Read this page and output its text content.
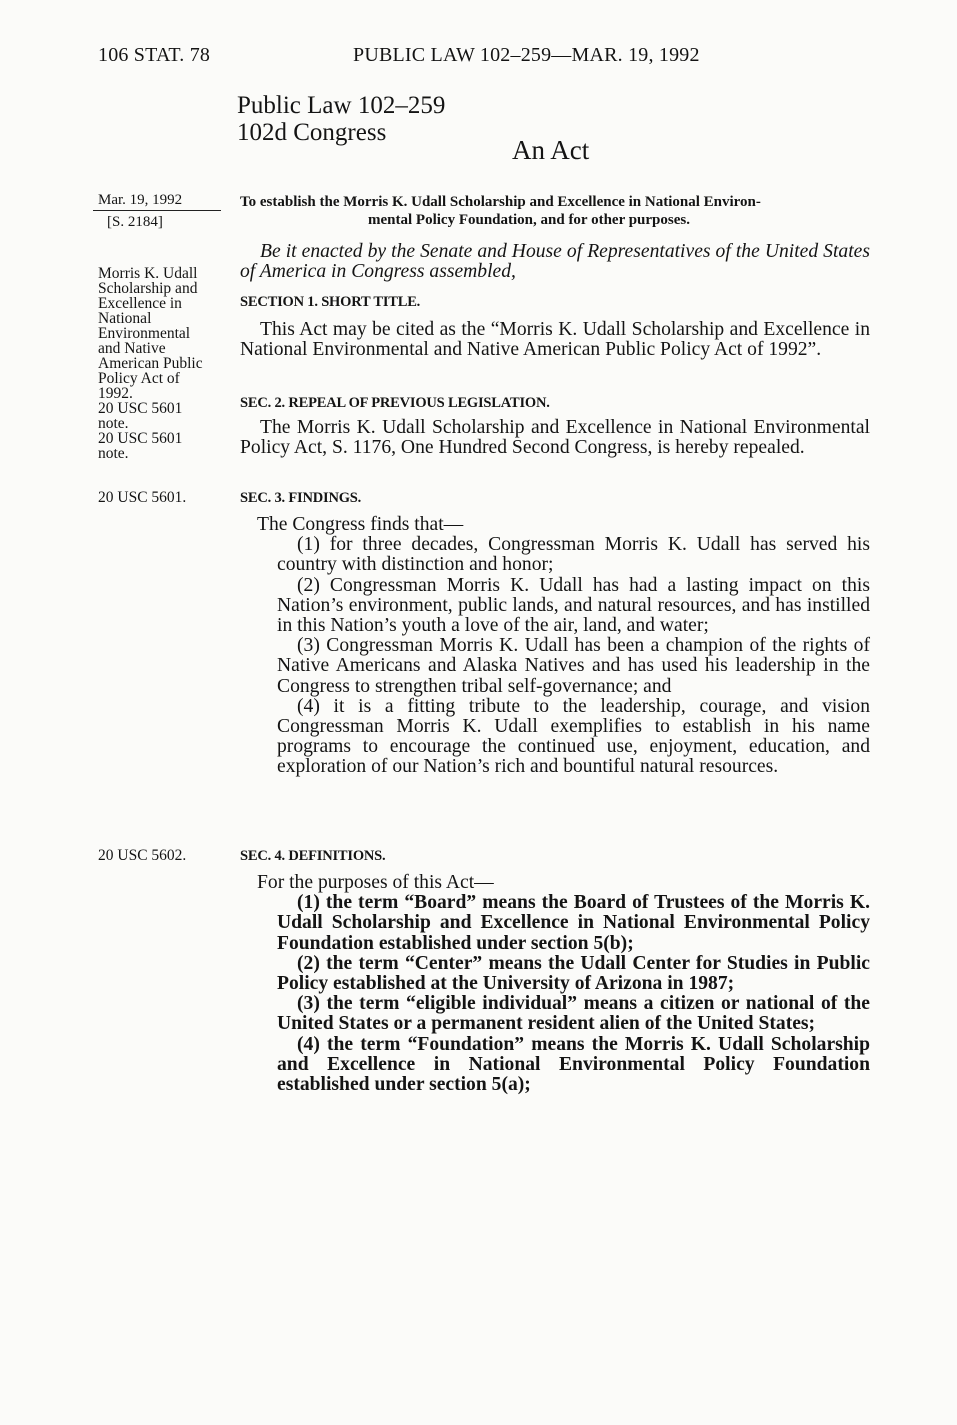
106 STAT. 78	PUBLIC LAW 102–259—MAR. 19, 1992
Public Law 102–259
102d Congress
An Act
Mar. 19, 1992
[S. 2184]
Morris K. Udall
Scholarship and
Excellence in
National
Environmental
and Native
American Public
Policy Act of
1992.
20 USC 5601
note.
20 USC 5601
note.
20 USC 5601.
20 USC 5602.
To establish the Morris K. Udall Scholarship and Excellence in National Environ-
mental Policy Foundation, and for other purposes.

Be it enacted by the Senate and House of Representatives of the United States of America in Congress assembled,

SECTION 1. SHORT TITLE.

This Act may be cited as the “Morris K. Udall Scholarship and Excellence in National Environmental and Native American Public Policy Act of 1992”.

SEC. 2. REPEAL OF PREVIOUS LEGISLATION.

The Morris K. Udall Scholarship and Excellence in National Environmental Policy Act, S. 1176, One Hundred Second Congress, is hereby repealed.

SEC. 3. FINDINGS.

The Congress finds that—

(1) for three decades, Congressman Morris K. Udall has served his country with distinction and honor;

(2) Congressman Morris K. Udall has had a lasting impact on this Nation’s environment, public lands, and natural resources, and has instilled in this Nation’s youth a love of the air, land, and water;

(3) Congressman Morris K. Udall has been a champion of the rights of Native Americans and Alaska Natives and has used his leadership in the Congress to strengthen tribal self-governance; and

(4) it is a fitting tribute to the leadership, courage, and vision Congressman Morris K. Udall exemplifies to establish in his name programs to encourage the continued use, enjoyment, education, and exploration of our Nation’s rich and bountiful natural resources.

SEC. 4. DEFINITIONS.

For the purposes of this Act—

(1) the term “Board” means the Board of Trustees of the Morris K. Udall Scholarship and Excellence in National Environmental Policy Foundation established under section 5(b);

(2) the term “Center” means the Udall Center for Studies in Public Policy established at the University of Arizona in 1987;

(3) the term “eligible individual” means a citizen or national of the United States or a permanent resident alien of the United States;

(4) the term “Foundation” means the Morris K. Udall Scholarship and Excellence in National Environmental Policy Foundation established under section 5(a);
